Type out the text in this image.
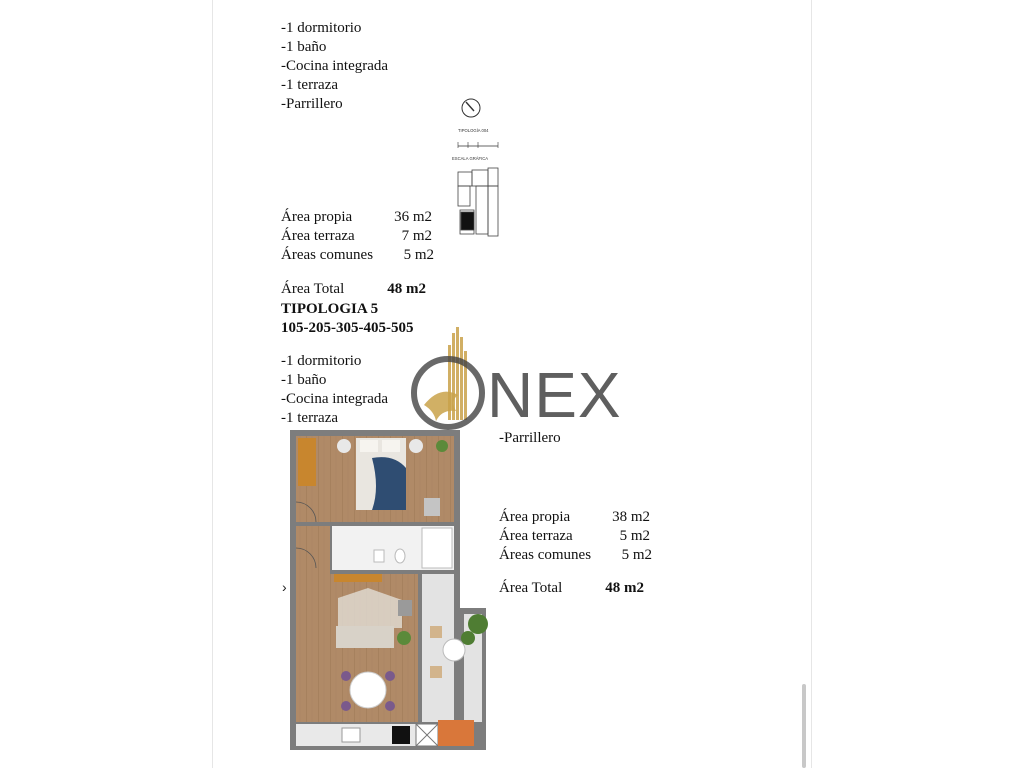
-1 dormitorio
-1 baño
-Cocina integrada
-1 terraza
-Parrillero
TIPOLOGÍA 004
ESCALA GRÁFICA
Área propia	36 m2
Área terraza	7 m2
Áreas comunes	5 m2
Área Total	48 m2
TIPOLOGIA 5
105-205-305-405-505
NEX
-1 dormitorio
-1 baño
-Cocina integrada
-1 terraza
-Parrillero
›
Área propia	38 m2
Área terraza	5 m2
Áreas comunes	5 m2
Área Total	48 m2
